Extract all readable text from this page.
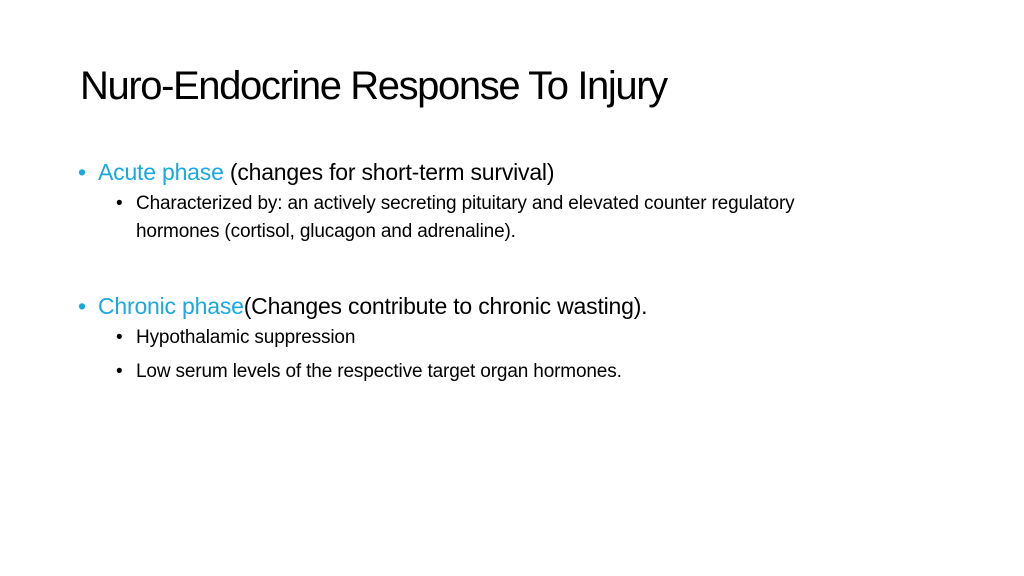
Nuro-Endocrine Response To Injury
• Acute phase (changes for short-term survival)
• Characterized by: an actively secreting pituitary and elevated counter regulatory hormones (cortisol, glucagon and adrenaline).
• Chronic phase(Changes contribute to chronic wasting).
• Hypothalamic suppression
• Low serum levels of the respective target organ hormones.
